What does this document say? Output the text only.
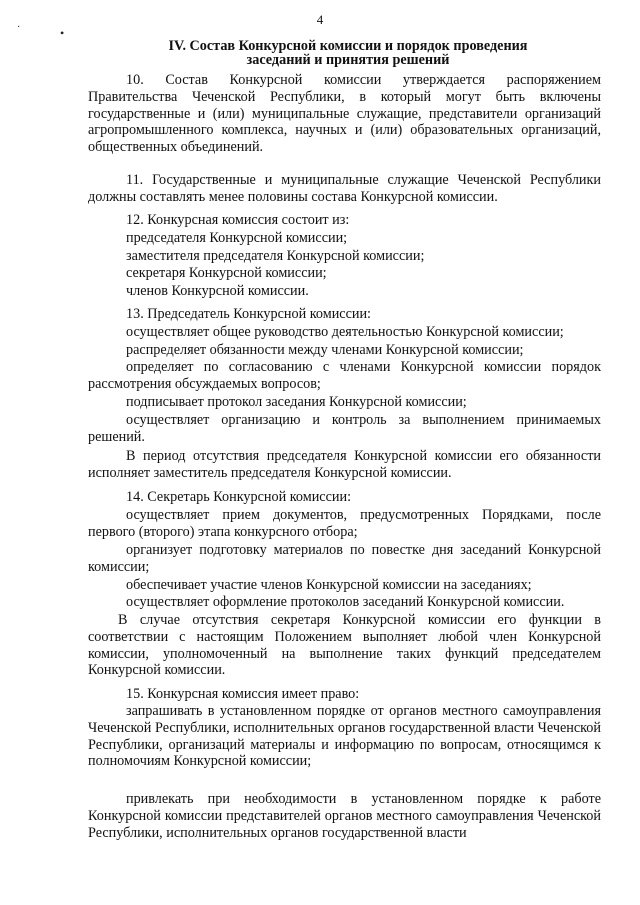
·	•
4
IV. Состав Конкурсной комиссии и порядок проведения
заседаний и принятия решений

10. Состав Конкурсной комиссии утверждается распоряжением Правительства Чеченской Республики, в который могут быть включены государственные и (или) муниципальные служащие, представители организаций агропромышленного комплекса, научных и (или) образовательных организаций, общественных объединений.

11. Государственные и муниципальные служащие Чеченской Республики должны составлять менее половины состава Конкурсной комиссии.

12. Конкурсная комиссия состоит из:
председателя Конкурсной комиссии;
заместителя председателя Конкурсной комиссии;
секретаря Конкурсной комиссии;
членов Конкурсной комиссии.
13. Председатель Конкурсной комиссии:
осуществляет общее руководство деятельностью Конкурсной комиссии;
распределяет обязанности между членами Конкурсной комиссии;

определяет по согласованию с членами Конкурсной комиссии порядок рассмотрения обсуждаемых вопросов;

подписывает протокол заседания Конкурсной комиссии;

осуществляет организацию и контроль за выполнением принимаемых решений.

В период отсутствия председателя Конкурсной комиссии его обязанности исполняет заместитель председателя Конкурсной комиссии.

14. Секретарь Конкурсной комиссии:

осуществляет прием документов, предусмотренных Порядками, после первого (второго) этапа конкурсного отбора;

организует подготовку материалов по повестке дня заседаний Конкурсной комиссии;

обеспечивает участие членов Конкурсной комиссии на заседаниях;
осуществляет оформление протоколов заседаний Конкурсной комиссии.

В случае отсутствия секретаря Конкурсной комиссии его функции в соответствии с настоящим Положением выполняет любой член Конкурсной комиссии, уполномоченный на выполнение таких функций председателем Конкурсной комиссии.

15. Конкурсная комиссия имеет право:

запрашивать в установленном порядке от органов местного самоуправления Чеченской Республики, исполнительных органов государственной власти Чеченской Республики, организаций материалы и информацию по вопросам, относящимся к полномочиям Конкурсной комиссии;

привлекать при необходимости в установленном порядке к работе Конкурсной комиссии представителей органов местного самоуправления Чеченской Республики, исполнительных органов государственной власти
